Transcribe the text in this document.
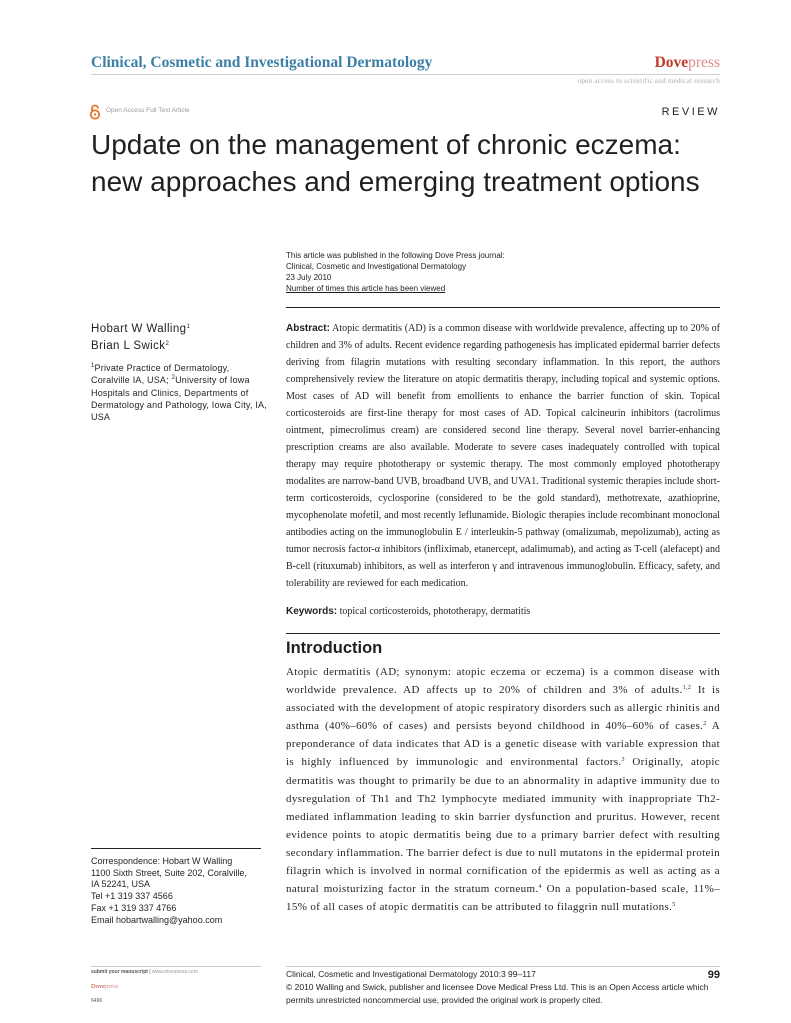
Clinical, Cosmetic and Investigational Dermatology	Dovepress
open access to scientific and medical research
Open Access Full Text Article	REVIEW
Update on the management of chronic eczema:
new approaches and emerging treatment options
This article was published in the following Dove Press journal:
Clinical, Cosmetic and Investigational Dermatology
23 July 2010
Number of times this article has been viewed
Hobart W Walling$^1$
Brian L Swick$^2$
$^1$Private Practice of Dermatology, Coralville IA, USA; $^2$University of Iowa Hospitals and Clinics, Departments of Dermatology and Pathology, Iowa City, IA, USA
Abstract: Atopic dermatitis (AD) is a common disease with worldwide prevalence, affecting up to 20% of children and 3% of adults. Recent evidence regarding pathogenesis has implicated epidermal barrier defects deriving from filagrin mutations with resulting secondary inflammation. In this report, the authors comprehensively review the literature on atopic dermatitis therapy, including topical and systemic options. Most cases of AD will benefit from emollients to enhance the barrier function of skin. Topical corticosteroids are first-line therapy for most cases of AD. Topical calcineurin inhibitors (tacrolimus ointment, pimecrolimus cream) are considered second line therapy. Several novel barrier-enhancing prescription creams are also available. Moderate to severe cases inadequately controlled with topical therapy may require phototherapy or systemic therapy. The most commonly employed phototherapy modalites are narrow-band UVB, broadband UVB, and UVA1. Traditional systemic therapies include short-term corticosteroids, cyclosporine (considered to be the gold standard), methotrexate, azathioprine, mycophenolate mofetil, and most recently leflunamide. Biologic therapies include recombinant monoclonal antibodies acting on the immunoglobulin E / interleukin-5 pathway (omalizumab, mepolizumab), acting as tumor necrosis factor-α inhibitors (infliximab, etanercept, adalimumab), and acting as T-cell (alefacept) and B-cell (rituxumab) inhibitors, as well as interferon γ and intravenous immunoglobulin. Efficacy, safety, and tolerability are reviewed for each medication.
Keywords: topical corticosteroids, phototherapy, dermatitis
Introduction
Atopic dermatitis (AD; synonym: atopic eczema or eczema) is a common disease with worldwide prevalence. AD affects up to 20% of children and 3% of adults.$^{1,2}$ It is associated with the development of atopic respiratory disorders such as allergic rhinitis and asthma (40%–60% of cases) and persists beyond childhood in 40%–60% of cases.$^2$ A preponderance of data indicates that AD is a genetic disease with variable expression that is highly influenced by immunologic and environmental factors.$^3$ Originally, atopic dermatitis was thought to primarily be due to an abnormality in adaptive immunity due to dysregulation of Th1 and Th2 lymphocyte mediated immunity with inappropriate Th2-mediated inflammation leading to skin barrier dysfunction and pruritus. However, recent evidence points to atopic dermatitis being due to a primary barrier defect with resulting secondary inflammation. The barrier defect is due to null mutatons in the epidermal protein filagrin which is involved in normal cornification of the epidermis as well as acting as a natural moisturizing factor in the stratum corneum.$^4$ On a population-based scale, 11%–15% of all cases of atopic dermatitis can be attributed to filaggrin null mutations.$^5$
Correspondence: Hobart W Walling
1100 Sixth Street, Suite 202, Coralville,
IA 52241, USA
Tel +1 319 337 4566
Fax +1 319 337 4766
Email hobartwalling@yahoo.com
submit your manuscript | www.dovepress.com
Dovepress
6496
Clinical, Cosmetic and Investigational Dermatology 2010:3 99–117	99
© 2010 Walling and Swick, publisher and licensee Dove Medical Press Ltd. This is an Open Access article which permits unrestricted noncommercial use, provided the original work is properly cited.
